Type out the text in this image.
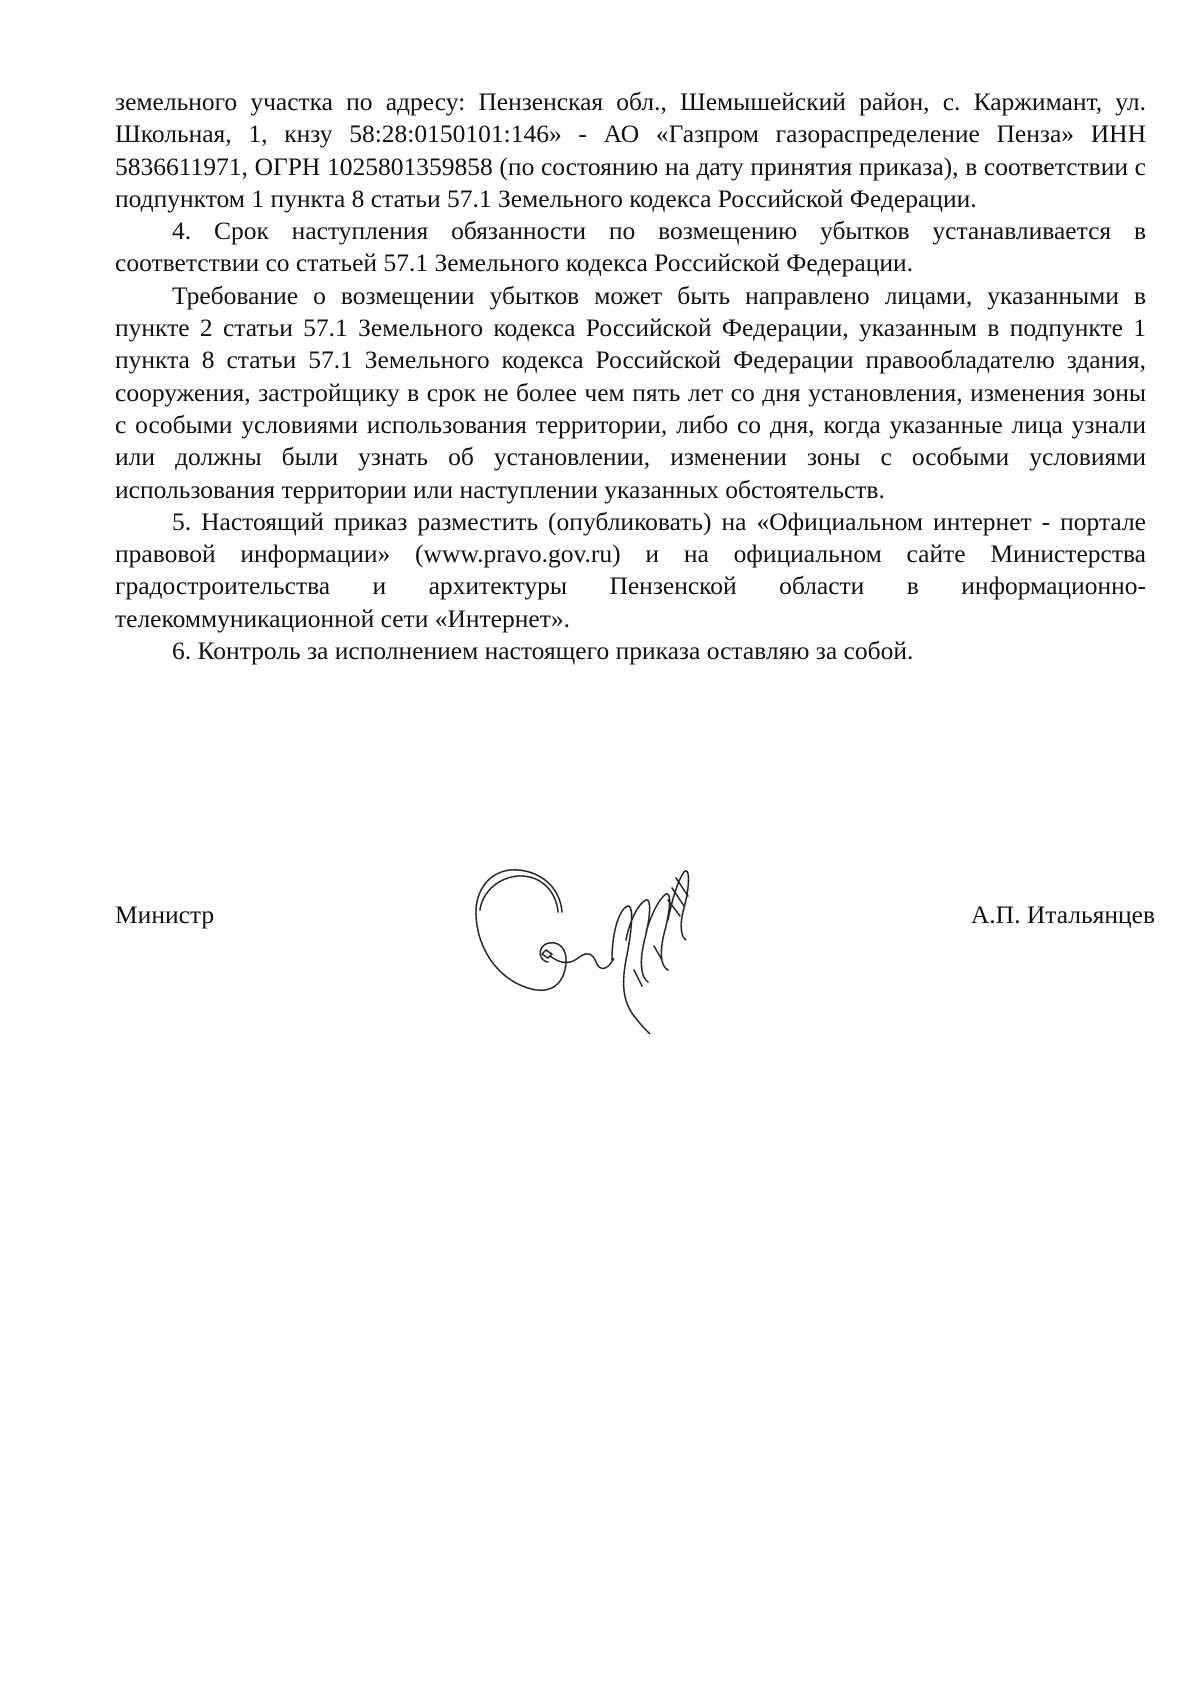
земельного участка по адресу: Пензенская обл., Шемышейский район, с. Каржимант, ул. Школьная, 1, кнзу 58:28:0150101:146» - АО «Газпром газораспределение Пенза» ИНН 5836611971, ОГРН 1025801359858 (по состоянию на дату принятия приказа), в соответствии с подпунктом 1 пункта 8 статьи 57.1 Земельного кодекса Российской Федерации.

4. Срок наступления обязанности по возмещению убытков устанавливается в соответствии со статьей 57.1 Земельного кодекса Российской Федерации.

Требование о возмещении убытков может быть направлено лицами, указанными в пункте 2 статьи 57.1 Земельного кодекса Российской Федерации, указанным в подпункте 1 пункта 8 статьи 57.1 Земельного кодекса Российской Федерации правообладателю здания, сооружения, застройщику в срок не более чем пять лет со дня установления, изменения зоны с особыми условиями использования территории, либо со дня, когда указанные лица узнали или должны были узнать об установлении, изменении зоны с особыми условиями использования территории или наступлении указанных обстоятельств.

5. Настоящий приказ разместить (опубликовать) на «Официальном интернет - портале правовой информации» (www.pravo.gov.ru) и на официальном сайте Министерства градостроительства и архитектуры Пензенской области в информационно-телекоммуникационной сети «Интернет».

6. Контроль за исполнением настоящего приказа оставляю за собой.

Министр	А.П. Итальянцев
